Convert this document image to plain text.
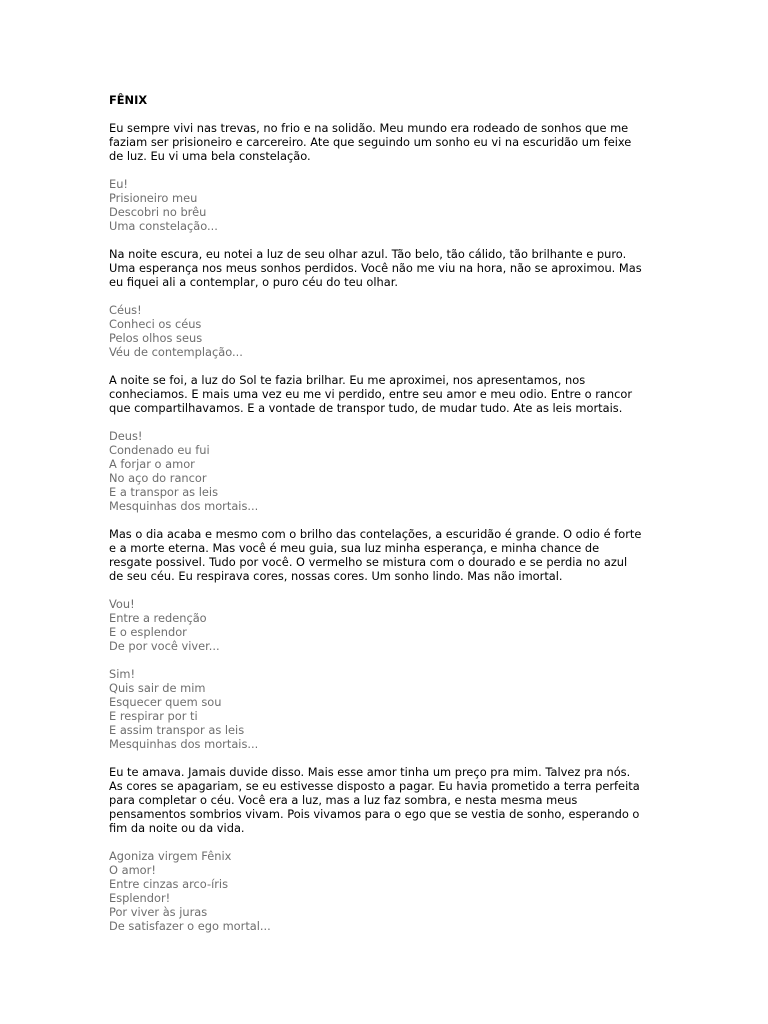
FÊNIX
Eu sempre vivi nas trevas, no frio e na solidão. Meu mundo era rodeado de sonhos que me
faziam ser prisioneiro e carcereiro. Ate que seguindo um sonho eu vi na escuridão um feixe
de luz. Eu vi uma bela constelação.
Eu!
Prisioneiro meu
Descobri no brêu
Uma constelação...
Na noite escura, eu notei a luz de seu olhar azul. Tão belo, tão cálido, tão brilhante e puro.
Uma esperança nos meus sonhos perdidos. Você não me viu na hora, não se aproximou. Mas
eu fiquei ali a contemplar, o puro céu do teu olhar.
Céus!
Conheci os céus
Pelos olhos seus
Véu de contemplação...
A noite se foi, a luz do Sol te fazia brilhar. Eu me aproximei, nos apresentamos, nos
conheciamos. E mais uma vez eu me vi perdido, entre seu amor e meu odio. Entre o rancor
que compartilhavamos. E a vontade de transpor tudo, de mudar tudo. Ate as leis mortais.
Deus!
Condenado eu fui
A forjar o amor
No aço do rancor
E a transpor as leis
Mesquinhas dos mortais...
Mas o dia acaba e mesmo com o brilho das contelações, a escuridão é grande. O odio é forte
e a morte eterna. Mas você é meu guia, sua luz minha esperança, e minha chance de
resgate possivel. Tudo por você. O vermelho se mistura com o dourado e se perdia no azul
de seu céu. Eu respirava cores, nossas cores. Um sonho lindo. Mas não imortal.
Vou!
Entre a redenção
E o esplendor
De por você viver...
Sim!
Quis sair de mim
Esquecer quem sou
E respirar por ti
E assim transpor as leis
Mesquinhas dos mortais...
Eu te amava. Jamais duvide disso. Mais esse amor tinha um preço pra mim. Talvez pra nós.
As cores se apagariam, se eu estivesse disposto a pagar. Eu havia prometido a terra perfeita
para completar o céu. Você era a luz, mas a luz faz sombra, e nesta mesma meus
pensamentos sombrios vivam. Pois vivamos para o ego que se vestia de sonho, esperando o
fim da noite ou da vida.
Agoniza virgem Fênix
O amor!
Entre cinzas arco-íris
Esplendor!
Por viver às juras
De satisfazer o ego mortal...
